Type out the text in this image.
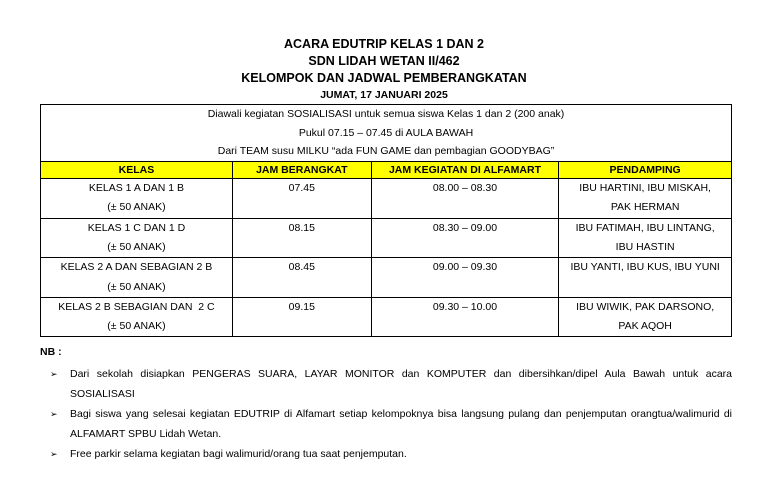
ACARA EDUTRIP KELAS 1 DAN 2
SDN LIDAH WETAN II/462
KELOMPOK DAN JADWAL PEMBERANGKATAN
JUMAT, 17 JANUARI 2025
Diawali kegiatan SOSIALISASI untuk semua siswa Kelas 1 dan 2 (200 anak)
Pukul 07.15 – 07.45 di AULA BAWAH
Dari TEAM susu MILKU “ada FUN GAME dan pembagian GOODYBAG”			

KELAS	JAM BERANGKAT	JAM KEGIATAN DI ALFAMART	PENDAMPING

KELAS 1 A DAN 1 B
(± 50 ANAK)	07.45	08.00 – 08.30	IBU HARTINI, IBU MISKAH,
PAK HERMAN

KELAS 1 C DAN 1 D
(± 50 ANAK)	08.15	08.30 – 09.00	IBU FATIMAH, IBU LINTANG,
IBU HASTIN

KELAS 2 A DAN SEBAGIAN 2 B
(± 50 ANAK)	08.45	09.00 – 09.30	IBU YANTI, IBU KUS, IBU YUNI

KELAS 2 B SEBAGIAN DAN  2 C
(± 50 ANAK)	09.15	09.30 – 10.00	IBU WIWIK, PAK DARSONO,
PAK AQOH
NB :
➢ Dari sekolah disiapkan PENGERAS SUARA, LAYAR MONITOR dan KOMPUTER dan dibersihkan/dipel Aula Bawah untuk acara SOSIALISASI
➢ Bagi siswa yang selesai kegiatan EDUTRIP di Alfamart setiap kelompoknya bisa langsung pulang dan penjemputan orangtua/walimurid di ALFAMART SPBU Lidah Wetan.
➢ Free parkir selama kegiatan bagi walimurid/orang tua saat penjemputan.
